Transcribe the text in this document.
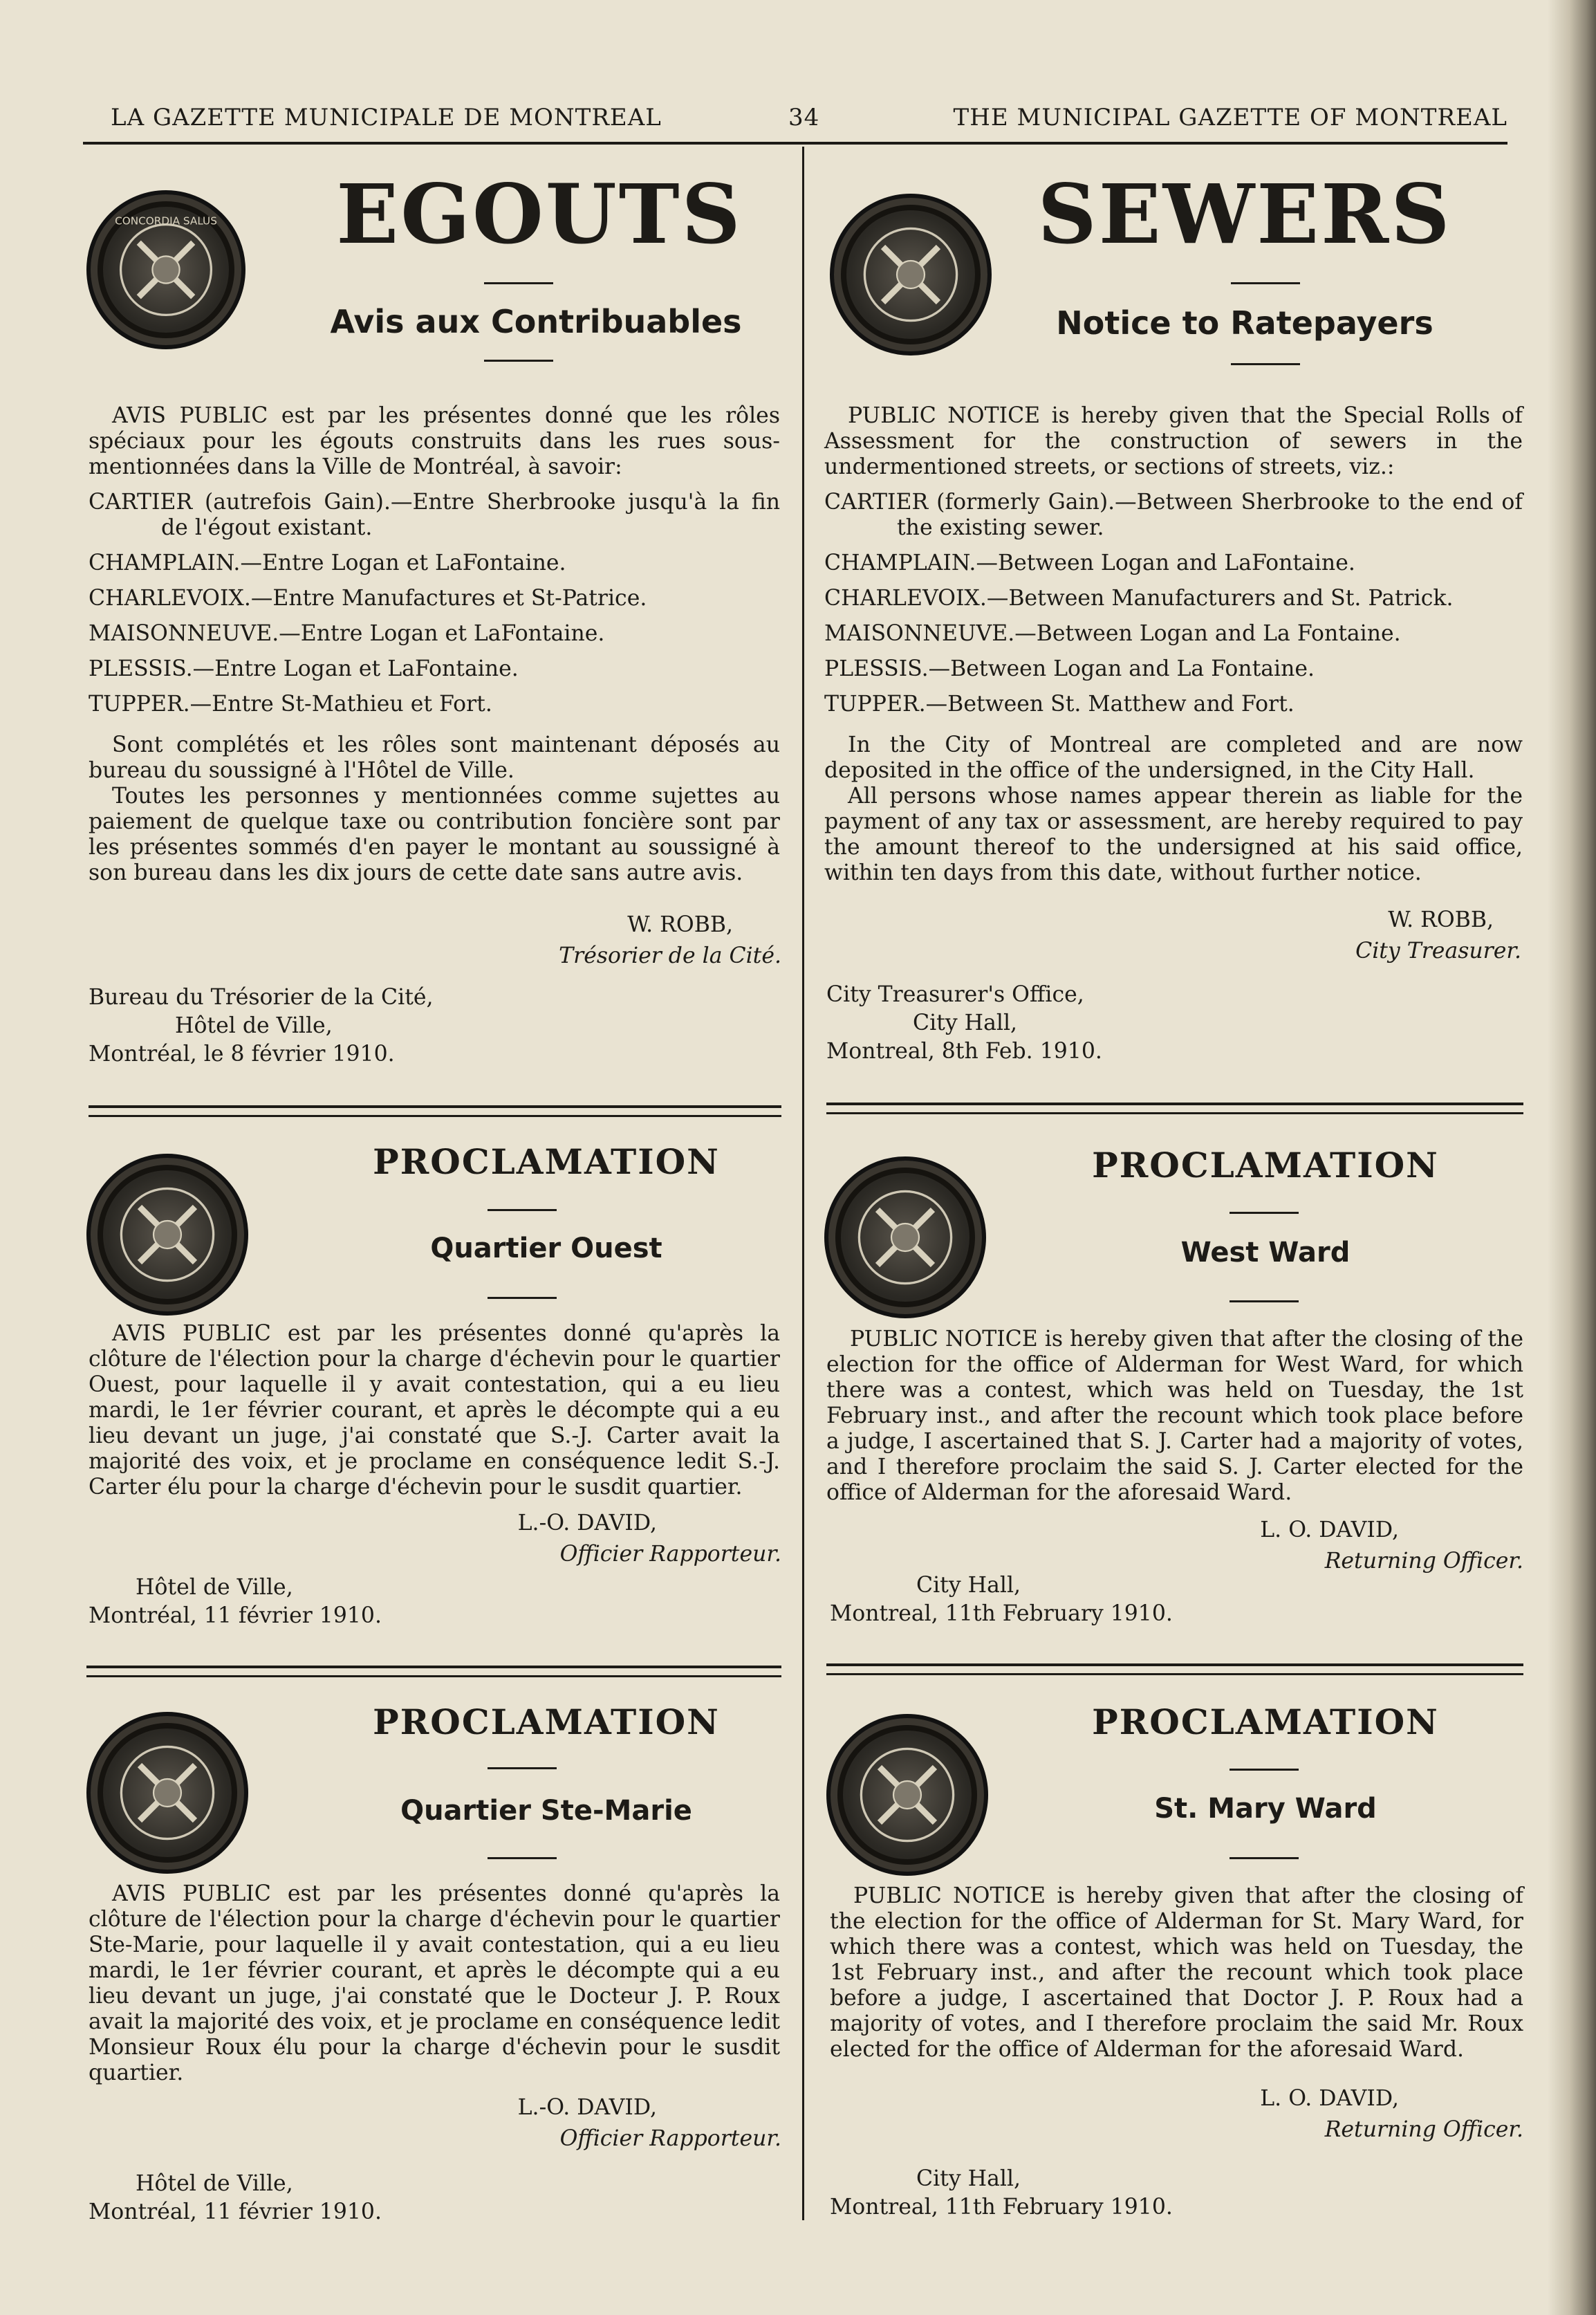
LA GAZETTE MUNICIPALE DE MONTREAL	34	THE MUNICIPAL GAZETTE OF MONTREAL
CONCORDIA SALUS	EGOUTS
Avis aux Contribuables

AVIS PUBLIC est par les présentes donné que les rôles spéciaux pour les égouts construits dans les rues sous-mentionnées dans la Ville de Montréal, à savoir:

CARTIER (autrefois Gain).—Entre Sherbrooke jusqu'à la fin de l'égout existant.
CHAMPLAIN.—Entre Logan et LaFontaine.
CHARLEVOIX.—Entre Manufactures et St-Patrice.
MAISONNEUVE.—Entre Logan et LaFontaine.
PLESSIS.—Entre Logan et LaFontaine.
TUPPER.—Entre St-Mathieu et Fort.

Sont complétés et les rôles sont maintenant déposés au bureau du soussigné à l'Hôtel de Ville.

Toutes les personnes y mentionnées comme sujettes au paiement de quelque taxe ou contribution foncière sont par les présentes sommés d'en payer le montant au soussigné à son bureau dans les dix jours de cette date sans autre avis.

W. ROBB,
Trésorier de la Cité.
Bureau du Trésorier de la Cité,
Hôtel de Ville,
Montréal, le 8 février 1910.
SEWERS
Notice to Ratepayers

PUBLIC NOTICE is hereby given that the Special Rolls of Assessment for the construction of sewers in the undermentioned streets, or sections of streets, viz.:

CARTIER (formerly Gain).—Between Sherbrooke to the end of the existing sewer.
CHAMPLAIN.—Between Logan and LaFontaine.
CHARLEVOIX.—Between Manufacturers and St. Patrick.
MAISONNEUVE.—Between Logan and La Fontaine.
PLESSIS.—Between Logan and La Fontaine.
TUPPER.—Between St. Matthew and Fort.

In the City of Montreal are completed and are now deposited in the office of the undersigned, in the City Hall.

All persons whose names appear therein as liable for the payment of any tax or assessment, are hereby required to pay the amount thereof to the undersigned at his said office, within ten days from this date, without further notice.

W. ROBB,
City Treasurer.
City Treasurer's Office,
City Hall,
Montreal, 8th Feb. 1910.
PROCLAMATION
Quartier Ouest

AVIS PUBLIC est par les présentes donné qu'après la clôture de l'élection pour la charge d'échevin pour le quartier Ouest, pour laquelle il y avait contestation, qui a eu lieu mardi, le 1er février courant, et après le décompte qui a eu lieu devant un juge, j'ai constaté que S.-J. Carter avait la majorité des voix, et je proclame en conséquence ledit S.-J. Carter élu pour la charge d'échevin pour le susdit quartier.

L.-O. DAVID,
Officier Rapporteur.
Hôtel de Ville,
Montréal, 11 février 1910.
PROCLAMATION
West Ward

PUBLIC NOTICE is hereby given that after the closing of the election for the office of Alderman for West Ward, for which there was a contest, which was held on Tuesday, the 1st February inst., and after the recount which took place before a judge, I ascertained that S. J. Carter had a majority of votes, and I therefore proclaim the said S. J. Carter elected for the office of Alderman for the aforesaid Ward.

L. O. DAVID,
Returning Officer.
City Hall,
Montreal, 11th February 1910.
PROCLAMATION
Quartier Ste-Marie

AVIS PUBLIC est par les présentes donné qu'après la clôture de l'élection pour la charge d'échevin pour le quartier Ste-Marie, pour laquelle il y avait contestation, qui a eu lieu mardi, le 1er février courant, et après le décompte qui a eu lieu devant un juge, j'ai constaté que le Docteur J. P. Roux avait la majorité des voix, et je proclame en conséquence ledit Monsieur Roux élu pour la charge d'échevin pour le susdit quartier.

L.-O. DAVID,
Officier Rapporteur.
Hôtel de Ville,
Montréal, 11 février 1910.
PROCLAMATION
St. Mary Ward

PUBLIC NOTICE is hereby given that after the closing of the election for the office of Alderman for St. Mary Ward, for which there was a contest, which was held on Tuesday, the 1st February inst., and after the recount which took place before a judge, I ascertained that Doctor J. P. Roux had a majority of votes, and I therefore proclaim the said Mr. Roux elected for the office of Alderman for the aforesaid Ward.

L. O. DAVID,
Returning Officer.
City Hall,
Montreal, 11th February 1910.
